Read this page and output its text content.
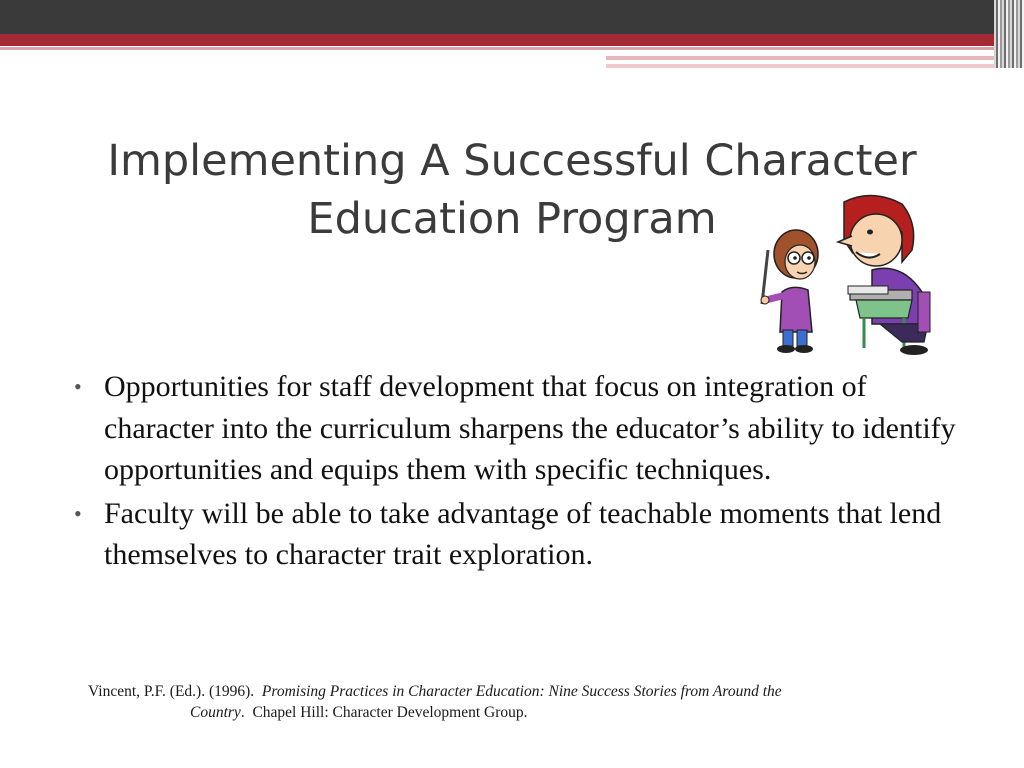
Implementing A Successful Character
Education Program
• Opportunities for staff development that focus on integration of character into the curriculum sharpens the educator’s ability to identify opportunities and equips them with specific techniques.
• Faculty will be able to take advantage of teachable moments that lend themselves to character trait exploration.
Vincent, P.F. (Ed.). (1996). Promising Practices in Character Education: Nine Success Stories from Around the
Country.  Chapel Hill: Character Development Group.
